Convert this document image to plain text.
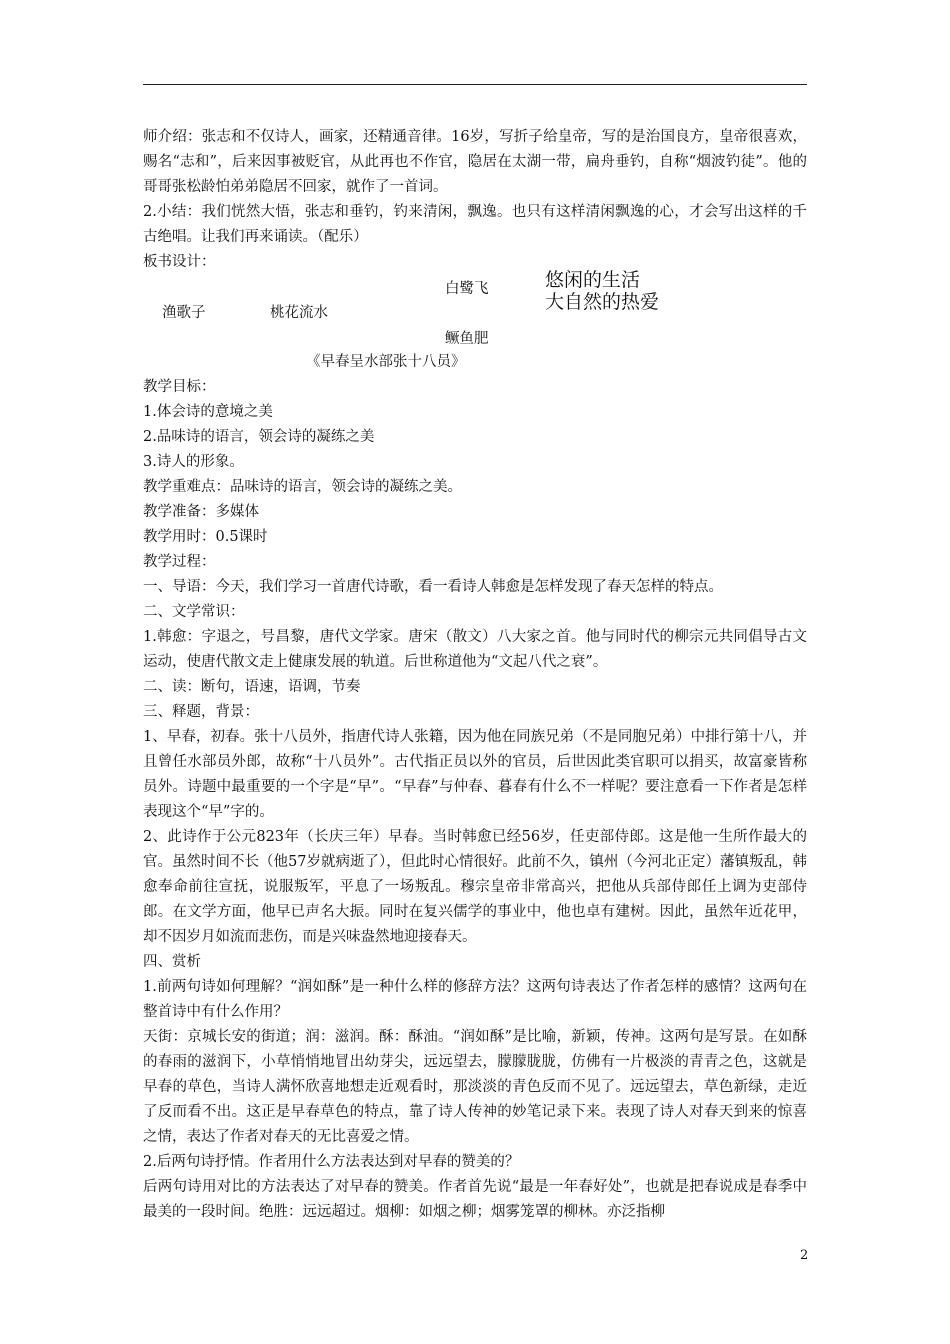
师介绍：张志和不仅诗人，画家，还精通音律。16岁，写折子给皇帝，写的是治国良方，皇帝很喜欢，赐名“志和”，后来因事被贬官，从此再也不作官，隐居在太湖一带，扁舟垂钓，自称“烟波钓徒”。他的哥哥张松龄怕弟弟隐居不回家，就作了一首词。

2.小结：我们恍然大悟，张志和垂钓，钓来清闲，飘逸。也只有这样清闲飘逸的心，才会写出这样的千古绝唱。让我们再来诵读。（配乐）

板书设计：

白鹭飞	悠闲的生活
大自然的热爱
渔歌子	桃花流水
鳜鱼肥
《早春呈水部张十八员》

教学目标：

1.体会诗的意境之美

2.品味诗的语言，领会诗的凝练之美

3.诗人的形象。

教学重难点：品味诗的语言，领会诗的凝练之美。

教学准备：多媒体

教学用时：0.5课时

教学过程：

一、导语：今天，我们学习一首唐代诗歌，看一看诗人韩愈是怎样发现了春天怎样的特点。

二、文学常识：

1.韩愈：字退之，号昌黎，唐代文学家。唐宋（散文）八大家之首。他与同时代的柳宗元共同倡导古文运动，使唐代散文走上健康发展的轨道。后世称道他为“文起八代之衰”。

二、读：断句，语速，语调，节奏

三、释题，背景：

1、早春，初春。张十八员外，指唐代诗人张籍，因为他在同族兄弟（不是同胞兄弟）中排行第十八，并且曾任水部员外郎，故称“十八员外”。古代指正员以外的官员，后世因此类官职可以捐买，故富豪皆称员外。诗题中最重要的一个字是“早”。“早春”与仲春、暮春有什么不一样呢？要注意看一下作者是怎样表现这个“早”字的。

2、此诗作于公元823年（长庆三年）早春。当时韩愈已经56岁，任吏部侍郎。这是他一生所作最大的官。虽然时间不长（他57岁就病逝了），但此时心情很好。此前不久，镇州（今河北正定）藩镇叛乱，韩愈奉命前往宣抚，说服叛军，平息了一场叛乱。穆宗皇帝非常高兴，把他从兵部侍郎任上调为吏部侍郎。在文学方面，他早已声名大振。同时在复兴儒学的事业中，他也卓有建树。因此，虽然年近花甲，却不因岁月如流而悲伤，而是兴味盎然地迎接春天。

四、赏析

1.前两句诗如何理解？“润如酥”是一种什么样的修辞方法？这两句诗表达了作者怎样的感情？这两句在整首诗中有什么作用？

天街：京城长安的街道；润：滋润。酥：酥油。“润如酥”是比喻，新颖，传神。这两句是写景。在如酥的春雨的滋润下，小草悄悄地冒出幼芽尖，远远望去，朦朦胧胧，仿佛有一片极淡的青青之色，这就是早春的草色，当诗人满怀欣喜地想走近观看时，那淡淡的青色反而不见了。远远望去，草色新绿，走近了反而看不出。这正是早春草色的特点，靠了诗人传神的妙笔记录下来。表现了诗人对春天到来的惊喜之情，表达了作者对春天的无比喜爱之情。

2.后两句诗抒情。作者用什么方法表达到对早春的赞美的？

后两句诗用对比的方法表达了对早春的赞美。作者首先说“最是一年春好处”，也就是把春说成是春季中最美的一段时间。绝胜：远远超过。烟柳：如烟之柳；烟雾笼罩的柳林。亦泛指柳

2
